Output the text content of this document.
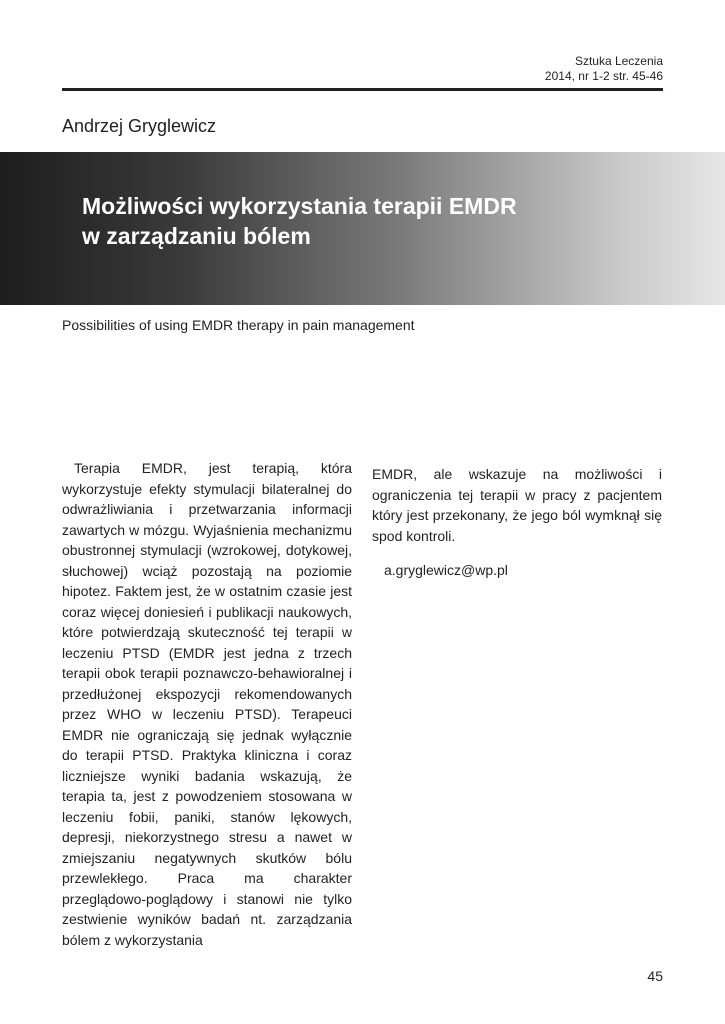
Sztuka Leczenia
2014, nr 1-2 str. 45-46
Andrzej Gryglewicz
Możliwości wykorzystania terapii EMDR
w zarządzaniu bólem
Possibilities of using EMDR therapy in pain management

Terapia EMDR, jest terapią, która wykorzystuje efekty stymulacji bilateralnej do odwrażliwiania i przetwarzania informacji zawartych w mózgu. Wyjaśnienia mechanizmu obustronnej stymulacji (wzrokowej, dotykowej, słuchowej) wciąż pozostają na poziomie hipotez. Faktem jest, że w ostatnim czasie jest coraz więcej doniesień i publikacji naukowych, które potwierdzają skuteczność tej terapii w leczeniu PTSD (EMDR jest jedna z trzech terapii obok terapii poznawczo-behawioralnej i przedłużonej ekspozycji rekomendowanych przez WHO w leczeniu PTSD). Terapeuci EMDR nie ograniczają się jednak wyłącznie do terapii PTSD. Praktyka kliniczna i coraz liczniejsze wyniki badania wskazują, że terapia ta, jest z powodzeniem stosowana w leczeniu fobii, paniki, stanów lękowych, depresji, niekorzystnego stresu a nawet w zmiejszaniu negatywnych skutków bólu przewlekłego. Praca ma charakter przeglądowo-poglądowy i stanowi nie tylko zestwienie wyników badań nt. zarządzania bólem z wykorzystania

EMDR, ale wskazuje na możliwości i ograniczenia tej terapii w pracy z pacjentem który jest przekonany, że jego ból wymknął się spod kontroli.

a.gryglewicz@wp.pl

45
